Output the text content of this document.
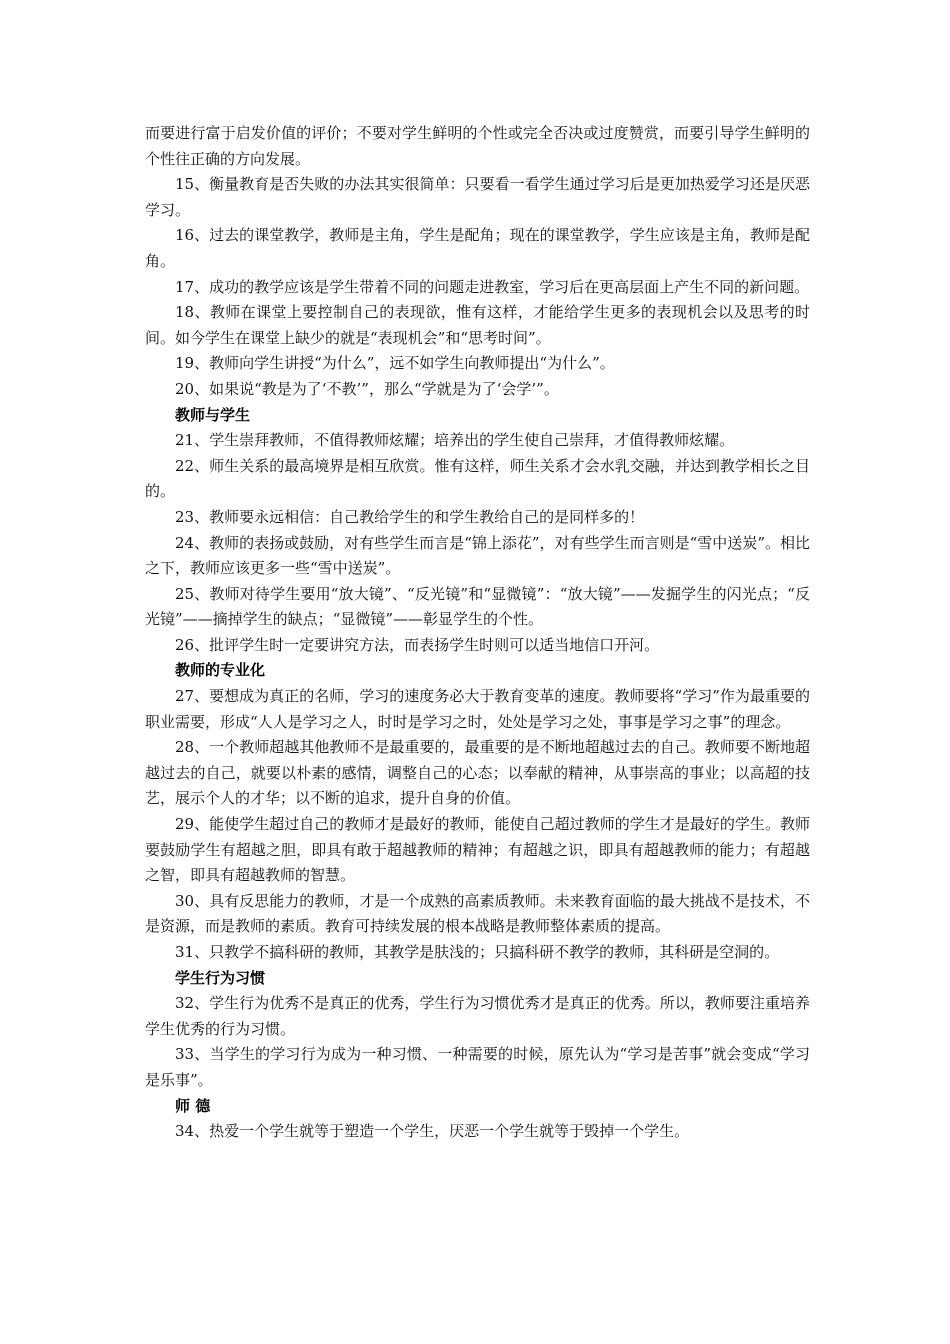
而要进行富于启发价值的评价；不要对学生鲜明的个性或完全否决或过度赞赏，而要引导学生鲜明的个性往正确的方向发展。

15、衡量教育是否失败的办法其实很简单：只要看一看学生通过学习后是更加热爱学习还是厌恶学习。

16、过去的课堂教学，教师是主角，学生是配角；现在的课堂教学，学生应该是主角，教师是配角。

17、成功的教学应该是学生带着不同的问题走进教室，学习后在更高层面上产生不同的新问题。

18、教师在课堂上要控制自己的表现欲，惟有这样，才能给学生更多的表现机会以及思考的时间。如今学生在课堂上缺少的就是“表现机会”和“思考时间”。

19、教师向学生讲授“为什么”，远不如学生向教师提出“为什么”。

20、如果说“教是为了‘不教’”，那么“学就是为了‘会学’”。

教师与学生

21、学生崇拜教师，不值得教师炫耀；培养出的学生使自己崇拜，才值得教师炫耀。

22、师生关系的最高境界是相互欣赏。惟有这样，师生关系才会水乳交融，并达到教学相长之目的。

23、教师要永远相信：自己教给学生的和学生教给自己的是同样多的！

24、教师的表扬或鼓励，对有些学生而言是“锦上添花”，对有些学生而言则是“雪中送炭”。相比之下，教师应该更多一些“雪中送炭”。

25、教师对待学生要用“放大镜”、“反光镜”和“显微镜”：“放大镜”——发掘学生的闪光点；“反光镜”——摘掉学生的缺点；“显微镜”——彰显学生的个性。

26、批评学生时一定要讲究方法，而表扬学生时则可以适当地信口开河。

教师的专业化

27、要想成为真正的名师，学习的速度务必大于教育变革的速度。教师要将“学习”作为最重要的职业需要，形成“人人是学习之人，时时是学习之时，处处是学习之处，事事是学习之事”的理念。

28、一个教师超越其他教师不是最重要的，最重要的是不断地超越过去的自己。教师要不断地超越过去的自己，就要以朴素的感情，调整自己的心态；以奉献的精神，从事崇高的事业；以高超的技艺，展示个人的才华；以不断的追求，提升自身的价值。

29、能使学生超过自己的教师才是最好的教师，能使自己超过教师的学生才是最好的学生。教师要鼓励学生有超越之胆，即具有敢于超越教师的精神；有超越之识，即具有超越教师的能力；有超越之智，即具有超越教师的智慧。

30、具有反思能力的教师，才是一个成熟的高素质教师。未来教育面临的最大挑战不是技术，不是资源，而是教师的素质。教育可持续发展的根本战略是教师整体素质的提高。

31、只教学不搞科研的教师，其教学是肤浅的；只搞科研不教学的教师，其科研是空洞的。

学生行为习惯

32、学生行为优秀不是真正的优秀，学生行为习惯优秀才是真正的优秀。所以，教师要注重培养学生优秀的行为习惯。

33、当学生的学习行为成为一种习惯、一种需要的时候，原先认为“学习是苦事”就会变成“学习是乐事”。

师 德

34、热爱一个学生就等于塑造一个学生，厌恶一个学生就等于毁掉一个学生。
